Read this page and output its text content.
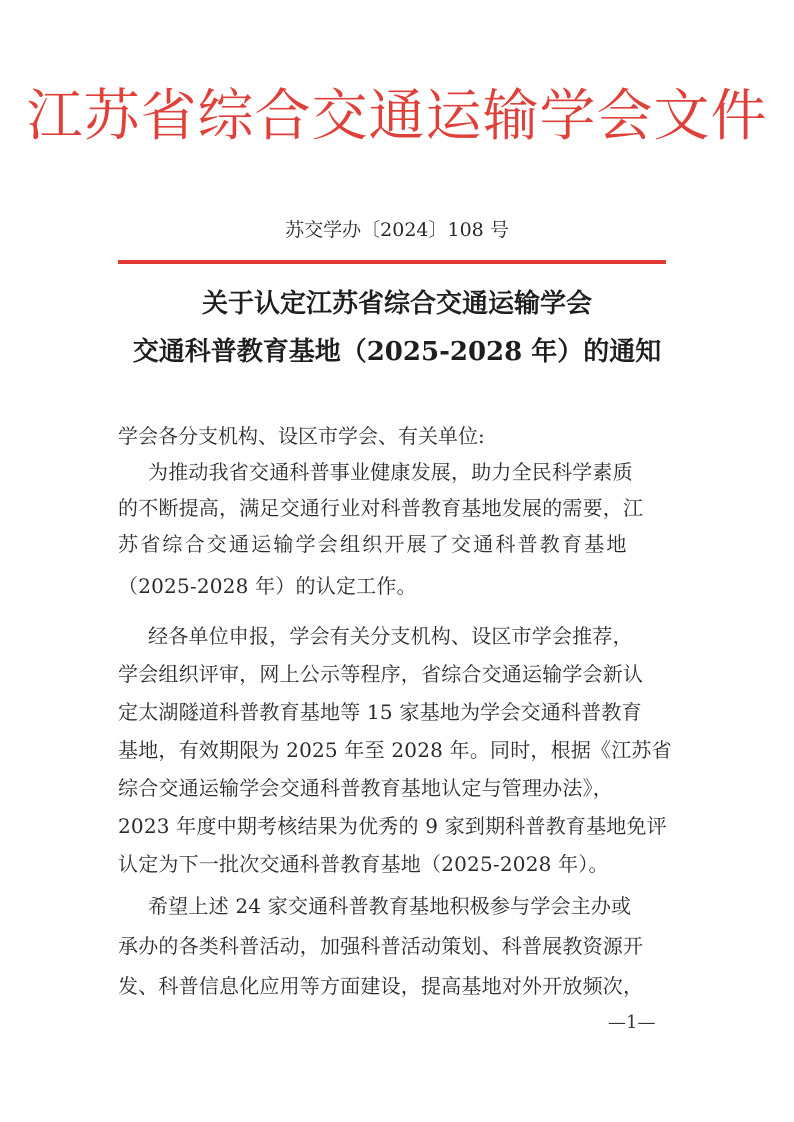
江苏省综合交通运输学会文件
苏交学办〔2024〕108 号
关于认定江苏省综合交通运输学会
交通科普教育基地（2025-2028 年）的通知
学会各分支机构、设区市学会、有关单位:
为推动我省交通科普事业健康发展，助力全民科学素质
的不断提高，满足交通行业对科普教育基地发展的需要，江
苏省综合交通运输学会组织开展了交通科普教育基地
（2025-2028 年）的认定工作。
经各单位申报，学会有关分支机构、设区市学会推荐，
学会组织评审，网上公示等程序，省综合交通运输学会新认
定太湖隧道科普教育基地等 15 家基地为学会交通科普教育
基地，有效期限为 2025 年至 2028 年。同时，根据《江苏省
综合交通运输学会交通科普教育基地认定与管理办法》，
2023 年度中期考核结果为优秀的 9 家到期科普教育基地免评
认定为下一批次交通科普教育基地（2025-2028 年）。
希望上述 24 家交通科普教育基地积极参与学会主办或
承办的各类科普活动，加强科普活动策划、科普展教资源开
发、科普信息化应用等方面建设，提高基地对外开放频次，
—1—
